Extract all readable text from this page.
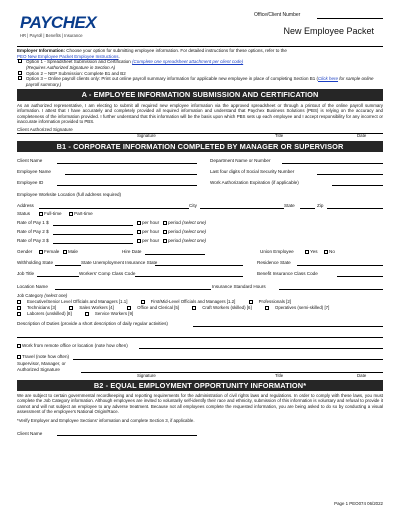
PAYCHEX
HR | Payroll | Benefits | Insurance
Office/Client Number
New Employee Packet
Employer Information: Choose your option for submitting employee information. For detailed instructions for these options, refer to the
PEO New Employee Packet Employee Instructions.
Option 1 - Spreadsheet Submission and Certification (Complete one spreadsheet attachment per client code)
(Requires Authorized Signature in Section A)
Option 2 – NEP Submission: Complete B1 and B2
Option 3 – Online payroll clients only: Print out online payroll summary information for applicable new employee in place of completing Section B1 (Click here for sample online payroll summary.)
A - EMPLOYEE INFORMATION SUBMISSION AND CERTIFICATION
As an authorized representative, I am electing to submit all required new employee information via the approved spreadsheet or through a printout of the online payroll summary information. I attest that I have accurately and completely provided all required information and understand that Paychex Business Solutions (PBS) is relying on the accuracy and completeness of the information provided. I further understand that this information will be the basis upon which PBS sets up each employee and I accept responsibility for any incorrect or inaccurate information provided to PBS.
Client Authorized Signature
Signature	Title	Date
B1 - CORPORATE INFORMATION COMPLETED BY MANAGER OR SUPERVISOR
Client Name	Department Name or Number
Employee Name	Last four digits of Social Security Number
Employee ID	Work Authorization Expiration (if applicable)
Employee Worksite Location (full address required)
Address	City	State	Zip
Status	Full-time	Part-time
Rate of Pay 1 $	per hour	period (select one)
Rate of Pay 2 $	per hour	period (select one)
Rate of Pay 3 $	per hour	period (select one)
Gender	Female	Male	Hire Date	Union Employee	Yes	No
Withholding State	State Unemployment Insurance State	Residence State
Job Title	Workers' Comp Class Code	Benefit Insurance Class Code
Location Name	Insurance Standard Hours
Job Category (select one)
Executive/Senior Level Officials and Managers [1.1]	First/Mid-Level Officials and Managers [1.2]	Professionals [2]
Technicians [3]	Sales Workers [4]	Office and Clerical [5]	Craft Workers (skilled) [6]	Operatives (semi-skilled) [7]
Laborers (unskilled) [8]	Service Workers [9]
Description of Duties (provide a short description of daily regular activities)
Work from remote office or location (note how often)
Travel (note how often)
Supervisor, Manager, or Authorized Signature
Signature	Title	Date
B2 - EQUAL EMPLOYMENT OPPORTUNITY INFORMATION*
We are subject to certain governmental recordkeeping and reporting requirements for the administration of civil rights laws and regulations. In order to comply with these laws, you must complete the Job Category information. Although employees are invited to voluntarily self-identify their race and ethnicity, submission of this information is voluntary and refusal to provide it cannot and will not subject an employee to any adverse treatment. Because not all employees complete the requested information, you are being asked to do so by conducting a visual assessment of the employee's National Origin/Race.
*Verify Employer and Employee Sections' information and complete Section 3, if applicable.
Client Name
Page 1 PEO074 06/2022
